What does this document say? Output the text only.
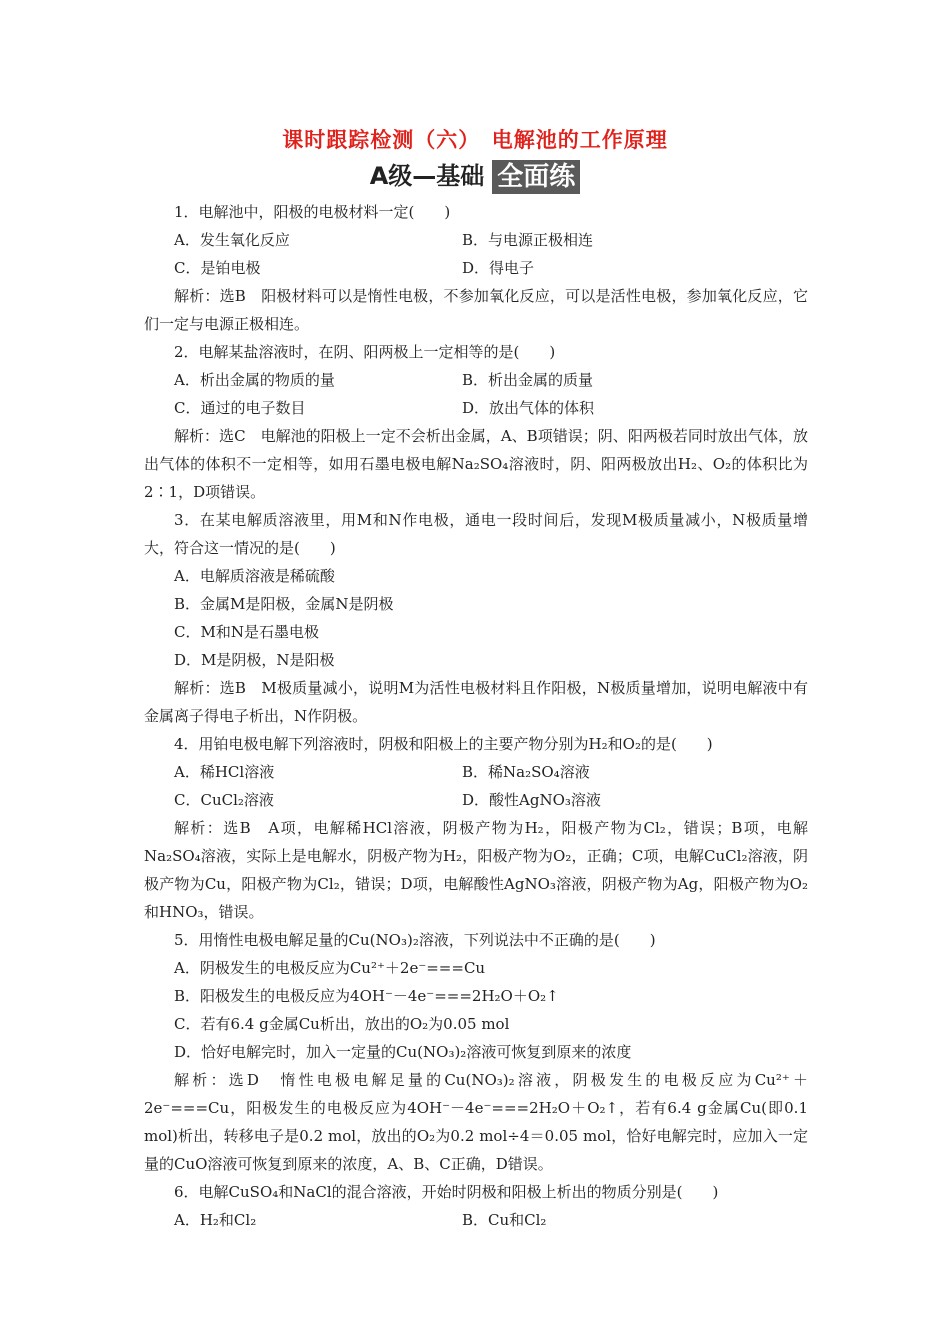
课时跟踪检测（六）　电解池的工作原理
A级—基础 全面练
1．电解池中，阳极的电极材料一定(　　)
A．发生氧化反应	B．与电源正极相连
C．是铂电极	D．得电子
解析：选B　阳极材料可以是惰性电极，不参加氧化反应，可以是活性电极，参加氧化反应，它们一定与电源正极相连。
2．电解某盐溶液时，在阴、阳两极上一定相等的是(　　)
A．析出金属的物质的量	B．析出金属的质量
C．通过的电子数目	D．放出气体的体积
解析：选C　电解池的阳极上一定不会析出金属，A、B项错误；阴、阳两极若同时放出气体，放出气体的体积不一定相等，如用石墨电极电解Na₂SO₄溶液时，阴、阳两极放出H₂、O₂的体积比为2∶1，D项错误。
3．在某电解质溶液里，用M和N作电极，通电一段时间后，发现M极质量减小，N极质量增大，符合这一情况的是(　　)
A．电解质溶液是稀硫酸
B．金属M是阳极，金属N是阴极
C．M和N是石墨电极
D．M是阴极，N是阳极
解析：选B　M极质量减小，说明M为活性电极材料且作阳极，N极质量增加，说明电解液中有金属离子得电子析出，N作阴极。
4．用铂电极电解下列溶液时，阴极和阳极上的主要产物分别为H₂和O₂的是(　　)
A．稀HCl溶液	B．稀Na₂SO₄溶液
C．CuCl₂溶液	D．酸性AgNO₃溶液
解析：选B　A项，电解稀HCl溶液，阴极产物为H₂，阳极产物为Cl₂，错误；B项，电解Na₂SO₄溶液，实际上是电解水，阴极产物为H₂，阳极产物为O₂，正确；C项，电解CuCl₂溶液，阴极产物为Cu，阳极产物为Cl₂，错误；D项，电解酸性AgNO₃溶液，阴极产物为Ag，阳极产物为O₂和HNO₃，错误。
5．用惰性电极电解足量的Cu(NO₃)₂溶液，下列说法中不正确的是(　　)
A．阴极发生的电极反应为Cu²⁺＋2e⁻===Cu
B．阳极发生的电极反应为4OH⁻－4e⁻===2H₂O＋O₂↑
C．若有6.4 g金属Cu析出，放出的O₂为0.05 mol
D．恰好电解完时，加入一定量的Cu(NO₃)₂溶液可恢复到原来的浓度
解析：选D　惰性电极电解足量的Cu(NO₃)₂溶液，阴极发生的电极反应为Cu²⁺＋2e⁻===Cu，阳极发生的电极反应为4OH⁻－4e⁻===2H₂O＋O₂↑，若有6.4 g金属Cu(即0.1 mol)析出，转移电子是0.2 mol，放出的O₂为0.2 mol÷4＝0.05 mol，恰好电解完时，应加入一定量的CuO溶液可恢复到原来的浓度，A、B、C正确，D错误。
6．电解CuSO₄和NaCl的混合溶液，开始时阴极和阳极上析出的物质分别是(　　)
A．H₂和Cl₂	B．Cu和Cl₂
